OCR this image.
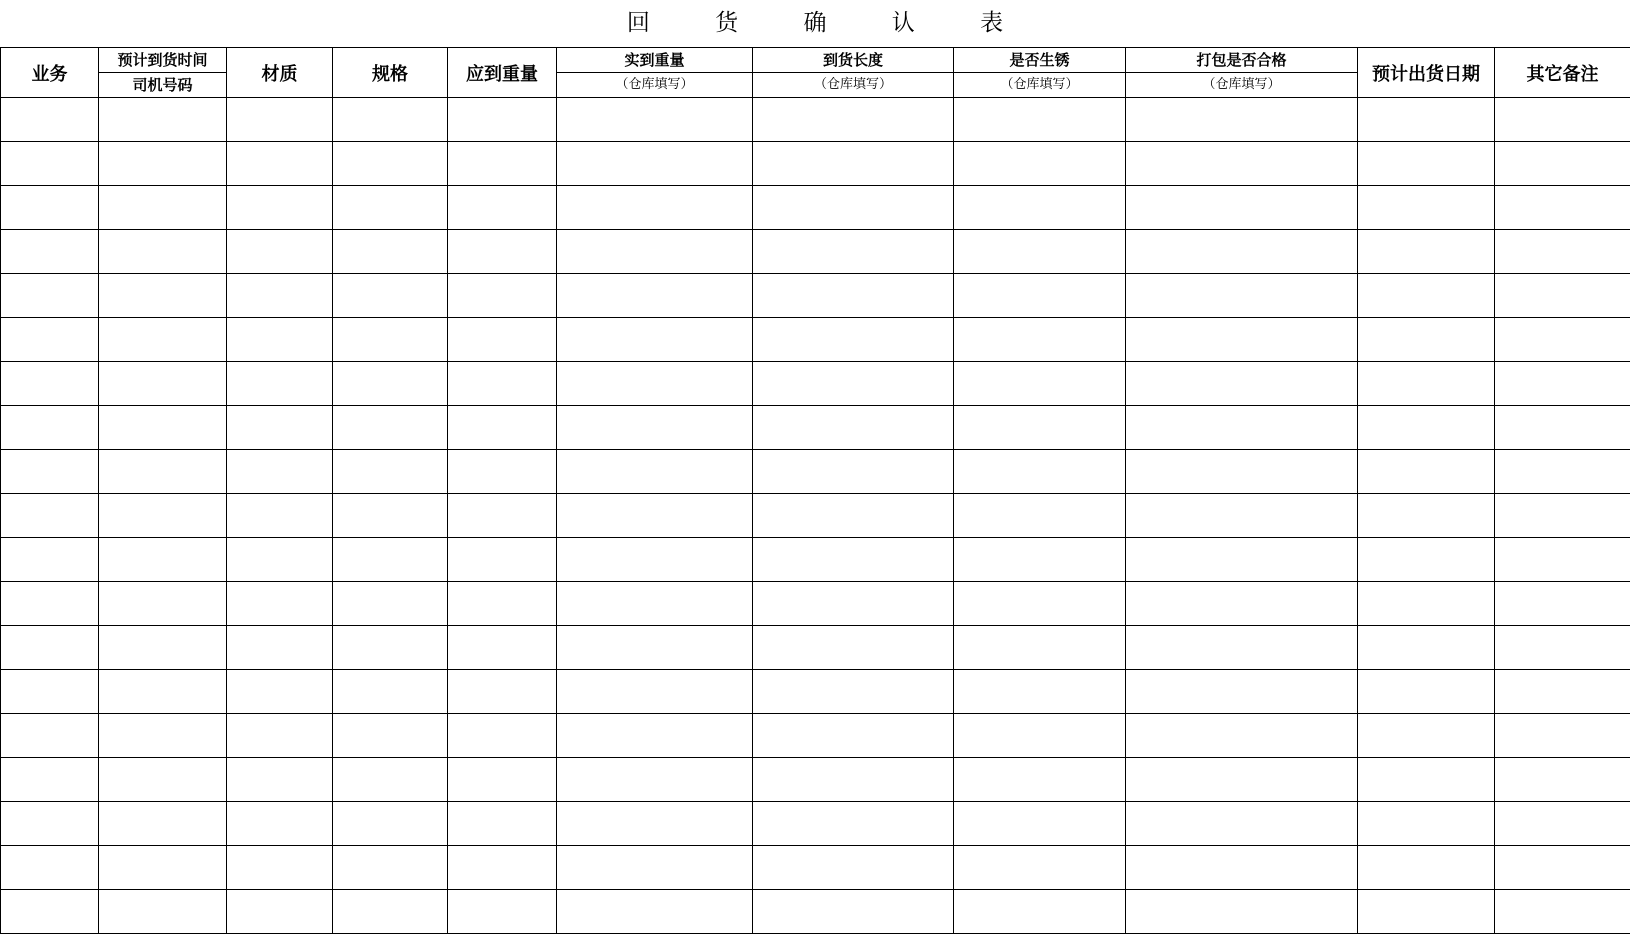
回 货 确 认 表
业务	预计到货时间	材质	规格	应到重量	实到重量	到货长度	是否生锈	打包是否合格	预计出货日期	其它备注
	司机号码				（仓库填写）	（仓库填写）	（仓库填写）	（仓库填写）		
